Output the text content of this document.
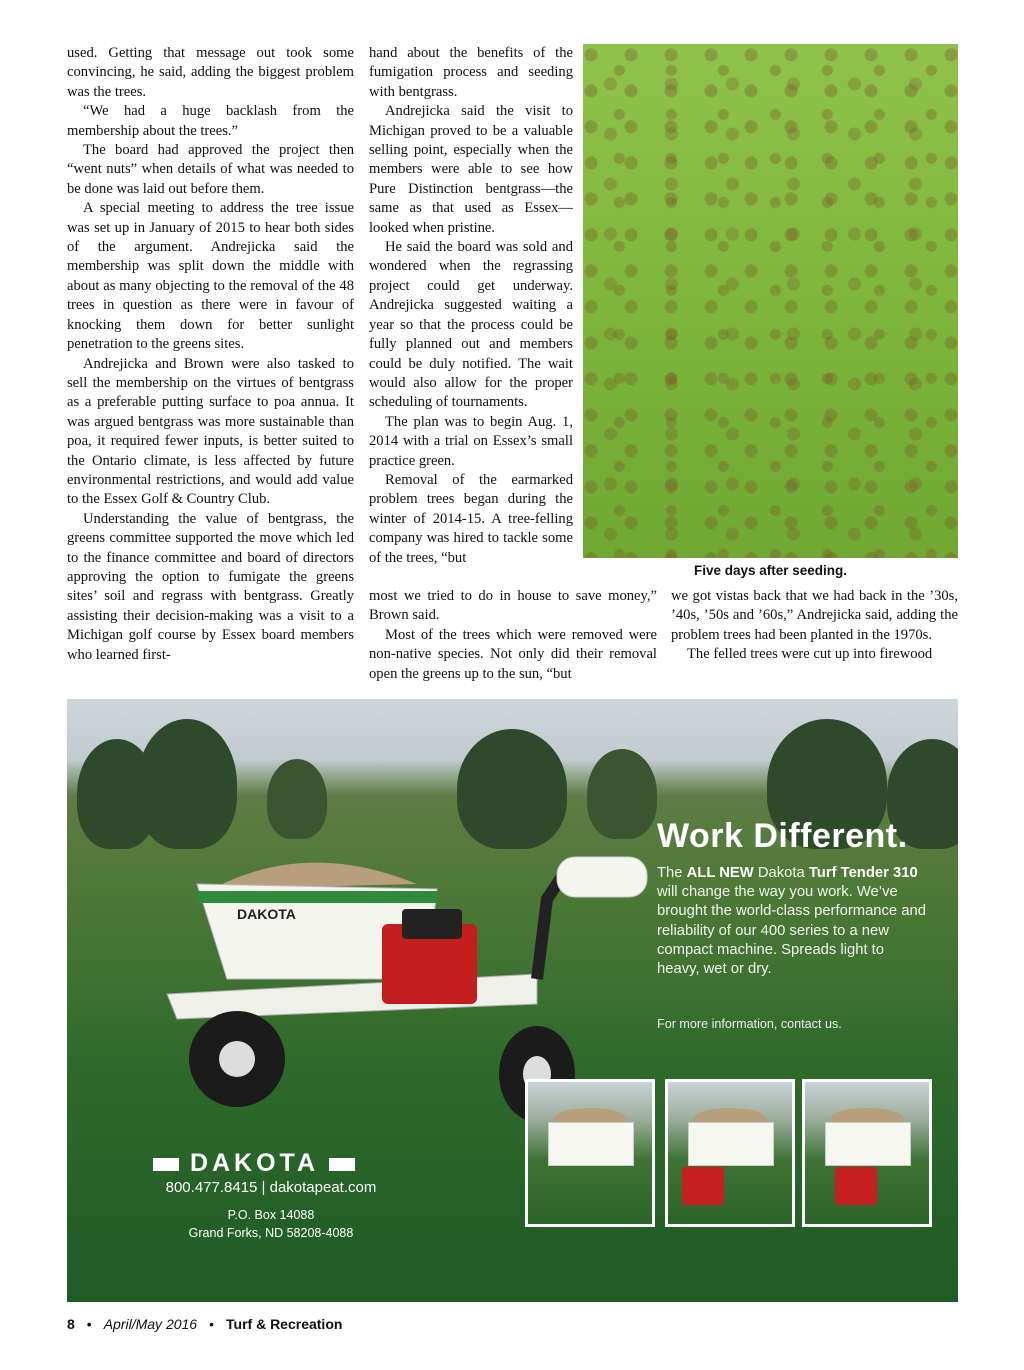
used. Getting that message out took some convincing, he said, adding the biggest problem was the trees.

“We had a huge backlash from the membership about the trees.”

The board had approved the project then “went nuts” when details of what was needed to be done was laid out before them.

A special meeting to address the tree issue was set up in January of 2015 to hear both sides of the argument. Andrejicka said the membership was split down the middle with about as many objecting to the removal of the 48 trees in question as there were in favour of knocking them down for better sunlight penetration to the greens sites.

Andrejicka and Brown were also tasked to sell the membership on the virtues of bentgrass as a preferable putting surface to poa annua. It was argued bentgrass was more sustainable than poa, it required fewer inputs, is better suited to the Ontario climate, is less affected by future environmental restrictions, and would add value to the Essex Golf & Country Club.

Understanding the value of bentgrass, the greens committee supported the move which led to the finance committee and board of directors approving the option to fumigate the greens sites’ soil and regrass with bentgrass. Greatly assisting their decision-making was a visit to a Michigan golf course by Essex board members who learned first-

hand about the benefits of the fumigation process and seeding with bentgrass.

Andrejicka said the visit to Michigan proved to be a valuable selling point, especially when the members were able to see how Pure Distinction bentgrass—the same as that used as Essex—looked when pristine.

He said the board was sold and wondered when the regrassing project could get underway. Andrejicka suggested waiting a year so that the process could be fully planned out and members could be duly notified. The wait would also allow for the proper scheduling of tournaments.

The plan was to begin Aug. 1, 2014 with a trial on Essex’s small practice green.

Removal of the earmarked problem trees began during the winter of 2014-15. A tree-felling company was hired to tackle some of the trees, “but

most we tried to do in house to save money,” Brown said.

Most of the trees which were removed were non-native species. Not only did their removal open the greens up to the sun, “but

we got vistas back that we had back in the ’30s, ’40s, ’50s and ’60s,” Andrejicka said, adding the problem trees had been planted in the 1970s.

The felled trees were cut up into firewood

Five days after seeding.
DAKOTA
Work Different.
The ALL NEW Dakota Turf Tender 310 will change the way you work. We’ve brought the world-class performance and reliability of our 400 series to a new compact machine. Spreads light to heavy, wet or dry.
For more information, contact us.
DAKOTA
800.477.8415 | dakotapeat.com
P.O. Box 14088
Grand Forks, ND 58208-4088
8 • April/May 2016 • Turf & Recreation
